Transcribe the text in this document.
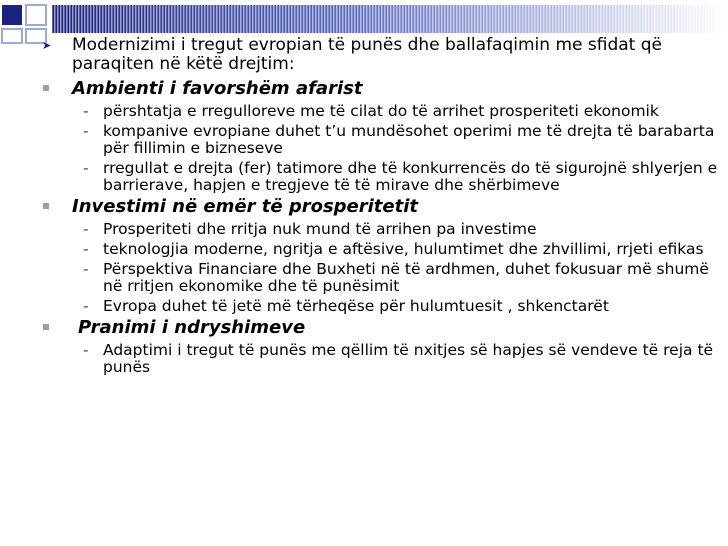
➤ Modernizimi i tregut evropian të punës dhe ballafaqimin me sfidat që paraqiten në këtë drejtim:
Ambienti i favorshëm afarist
- përshtatja e rregulloreve me të cilat do të arrihet prosperiteti ekonomik
- kompanive evropiane duhet t’u mundësohet operimi me të drejta të barabarta për fillimin e bizneseve
- rregullat e drejta (fer) tatimore dhe të konkurrencës do të sigurojnë shlyerjen e barrierave, hapjen e tregjeve të të mirave dhe shërbimeve
Investimi në emër të prosperitetit
- Prosperiteti dhe rritja nuk mund të arrihen pa investime
- teknologjia moderne, ngritja e aftësive, hulumtimet dhe zhvillimi, rrjeti efikas
- Përspektiva Financiare dhe Buxheti në të ardhmen, duhet fokusuar më shumë në rritjen ekonomike dhe të punësimit
- Evropa duhet të jetë më tërheqëse për hulumtuesit , shkenctarët
Pranimi i ndryshimeve
- Adaptimi i tregut të punës me qëllim të nxitjes së hapjes së vendeve të reja të punës
